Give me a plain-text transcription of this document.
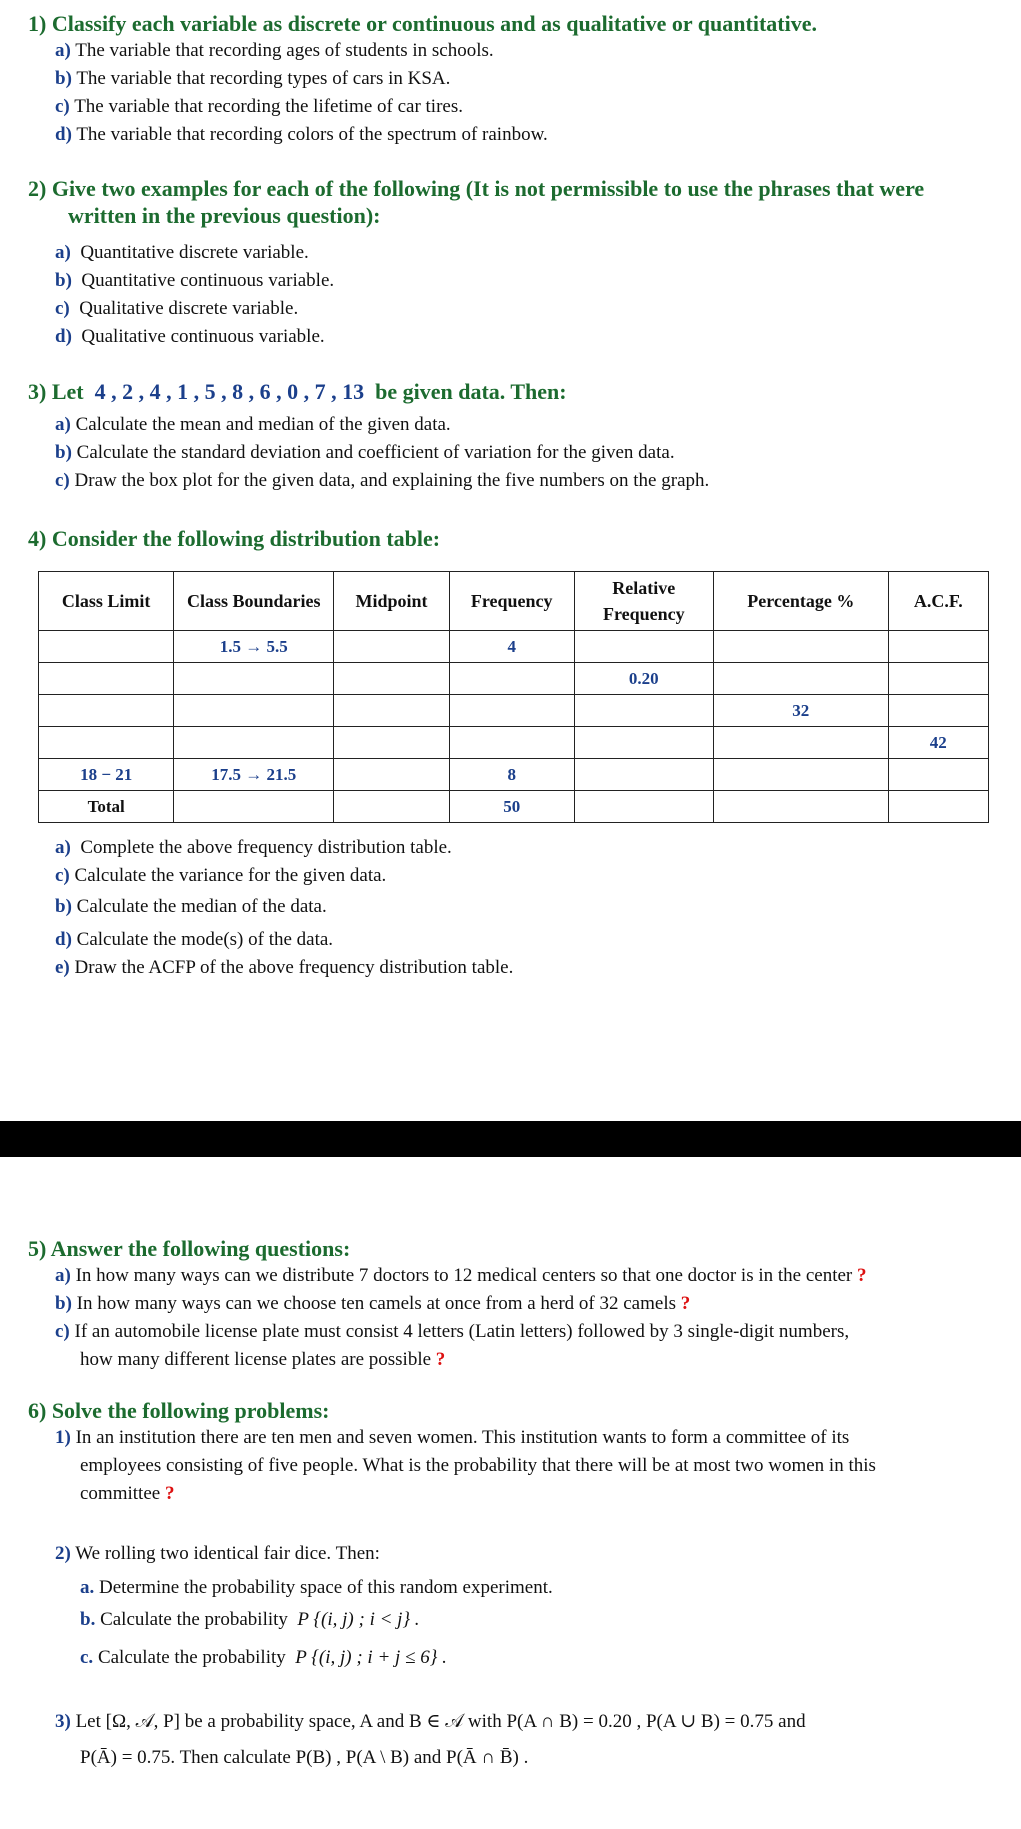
1) Classify each variable as discrete or continuous and as qualitative or quantitative.
a) The variable that recording ages of students in schools.
b) The variable that recording types of cars in KSA.
c) The variable that recording the lifetime of car tires.
d) The variable that recording colors of the spectrum of rainbow.
2) Give two examples for each of the following (It is not permissible to use the phrases that were
written in the previous question):
a) Quantitative discrete variable.
b) Quantitative continuous variable.
c) Qualitative discrete variable.
d) Qualitative continuous variable.
3) Let 4 , 2 , 4 , 1 , 5 , 8 , 6 , 0 , 7 , 13 be given data. Then:
a) Calculate the mean and median of the given data.
b) Calculate the standard deviation and coefficient of variation for the given data.
c) Draw the box plot for the given data, and explaining the five numbers on the graph.
4) Consider the following distribution table:
Class Limit	Class Boundaries	Midpoint	Frequency	Relative Frequency	Percentage %	A.C.F.
	1.5 → 5.5		4			
				0.20		
					32	
						42
18 − 21	17.5 → 21.5		8			
Total			50			
a) Complete the above frequency distribution table.
c) Calculate the variance for the given data.
b) Calculate the median of the data.
d) Calculate the mode(s) of the data.
e) Draw the ACFP of the above frequency distribution table.
5) Answer the following questions:
a) In how many ways can we distribute 7 doctors to 12 medical centers so that one doctor is in the center ?
b) In how many ways can we choose ten camels at once from a herd of 32 camels ?
c) If an automobile license plate must consist 4 letters (Latin letters) followed by 3 single-digit numbers,
how many different license plates are possible ?
6) Solve the following problems:
1) In an institution there are ten men and seven women. This institution wants to form a committee of its
employees consisting of five people. What is the probability that there will be at most two women in this
committee ?
2) We rolling two identical fair dice. Then:
a. Determine the probability space of this random experiment.
b. Calculate the probability P {(i, j) ; i < j} .
c. Calculate the probability P {(i, j) ; i + j ≤ 6} .
3) Let [Ω, 𝒜, P] be a probability space, A and B ∈ 𝒜 with P(A ∩ B) = 0.20 , P(A ∪ B) = 0.75 and
P(Ā) = 0.75. Then calculate P(B) , P(A \ B) and P(Ā ∩ B̄) .
